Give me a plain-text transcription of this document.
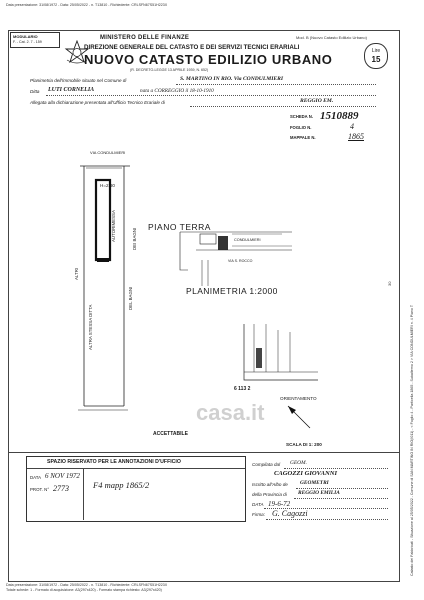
Data presentazione: 31/08/1972 - Data: 25/05/2022 - n. T13810 - Richiedente: CRLSFN67S51H223X
Data presentazione: 31/08/1972 - Data: 25/05/2022 - n. T13810 - Richiedente: CRLSFN67S51H223X
Totale schede: 1 - Formato di acquisizione: A3(297x420) - Formato stampa richiesto: A3(297x420)
Catasto dei Fabbricati - Situazione al 25/05/2022 - Comune di SAN MARTINO IN RIO(I011) - < Foglio 4 - Particella 1865 - Subalterno 2 > VIA CONDULMIERI n. 4 Piano T
30
MODULARIO
F. - Cat. 2. 7 - 159
MINISTERO DELLE FINANZE
DIREZIONE GENERALE DEL CATASTO E DEI SERVIZI TECNICI ERARIALI
NUOVO CATASTO EDILIZIO URBANO
(R. DECRETO-LEGGE 13 APRILE 1939, N. 652)
Mod. B (Nuovo Catasto Edilizio Urbano)
Lire
15
Planimetria dell'immobile situato nel Comune di	S. MARTINO IN RIO. Via CONDULMIERI
Ditta LUTI CORNELIA	nata a CORREGGIO il 18-10-1910
Allegata alla dichiarazione presentata all'Ufficio Tecnico Erariale di	REGGIO EM.
SCHEDA N. 1510889
FOGLIO N.	4
MAPPALE N.	1865
VIA CONDULMIERI
H=2.80
AUTORIMESSA	DEI BAGNI
PIANO TERRA
ALTRI
ALTRA STESSA DITTA
DEL BAGNI
CONDULMIERI
VIA S. ROCCO
PLANIMETRIA 1:2000
6 113 2
ORIENTAMENTO
SCALA DI 1: 200
ACCETTABILE
casa.it
SPAZIO RISERVATO PER LE ANNOTAZIONI D'UFFICIO
DATA 6 NOV 1972
PROT. N° 2773	F4 mapp 1865/2
Compilata dal GEOM.
CAGOZZI GIOVANNI
Iscritto all'Albo de GEOMETRI
della Provincia di REGGIO EMILIA
DATA 19-6-72
Firma: G. Cagozzi
